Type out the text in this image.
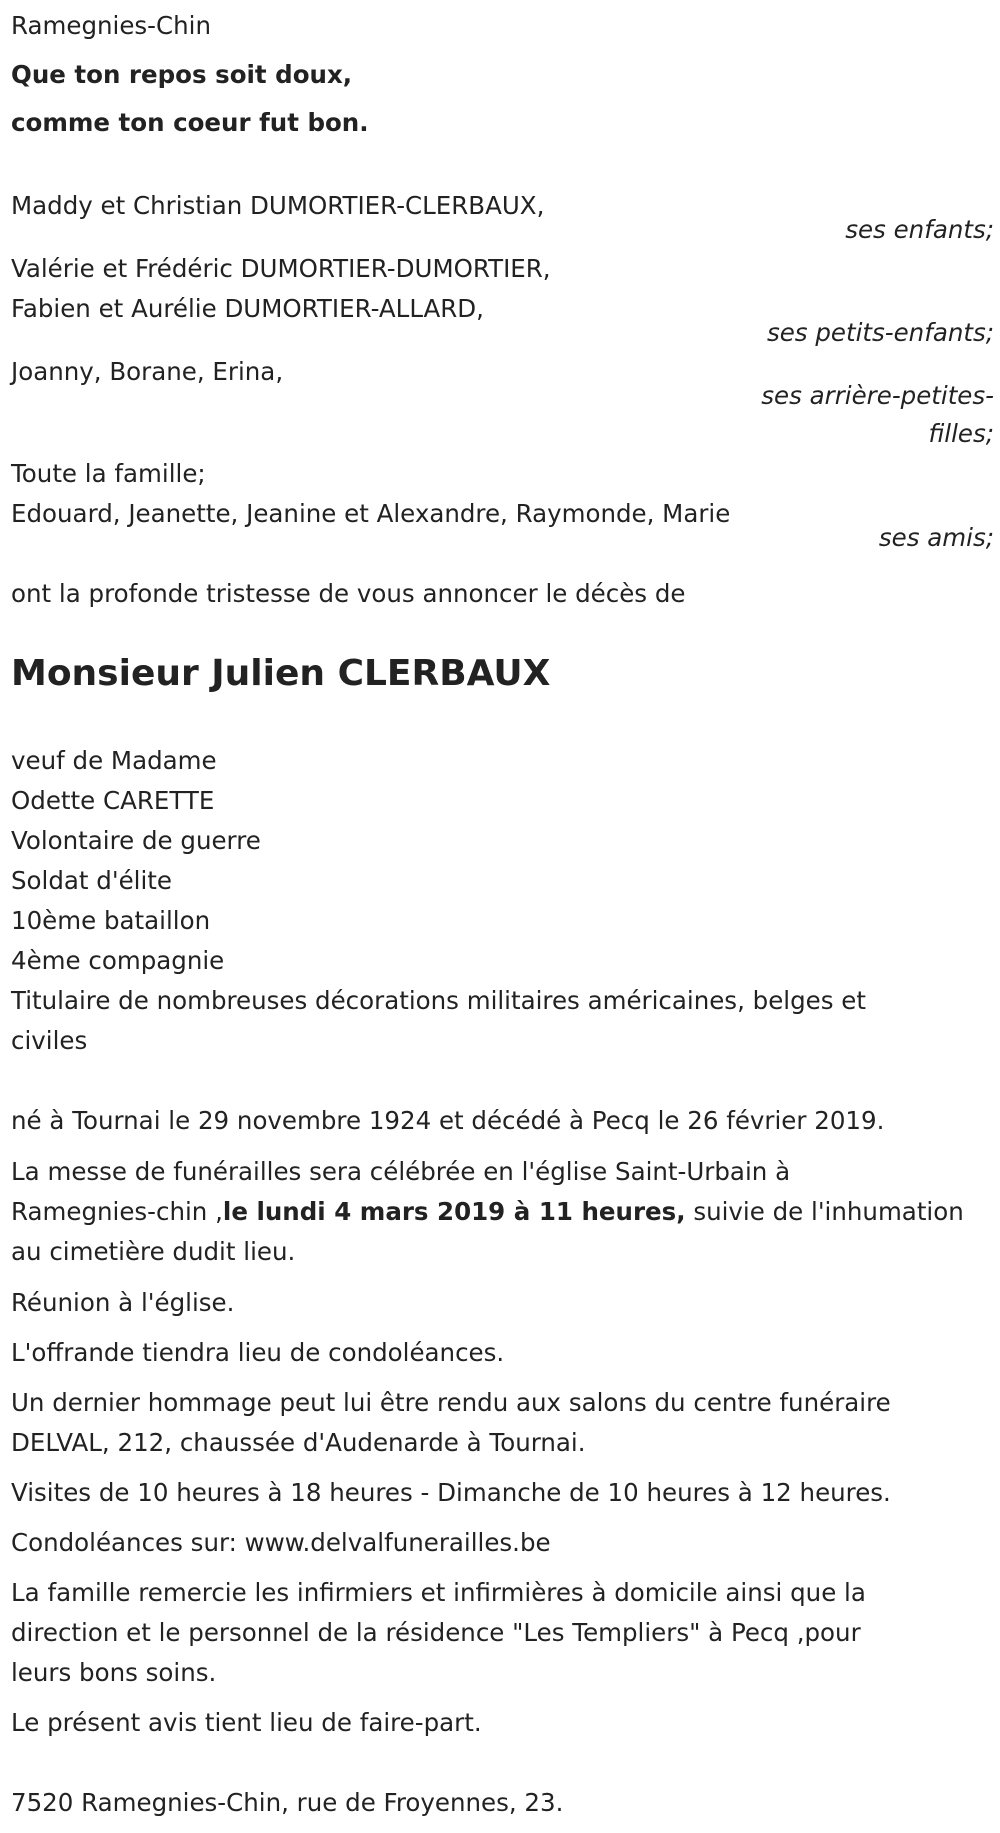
Ramegnies-Chin

Que ton repos soit doux,

comme ton coeur fut bon.

Maddy et Christian DUMORTIER-CLERBAUX,

ses enfants;

Valérie et Frédéric DUMORTIER-DUMORTIER,

Fabien et Aurélie DUMORTIER-ALLARD,

ses petits-enfants;

Joanny, Borane, Erina,

ses arrière-petites-

filles;

Toute la famille;

Edouard, Jeanette, Jeanine et Alexandre, Raymonde, Marie

ses amis;

ont la profonde tristesse de vous annoncer le décès de

Monsieur Julien CLERBAUX

veuf de Madame

Odette CARETTE

Volontaire de guerre

Soldat d'élite

10ème bataillon

4ème compagnie

Titulaire de nombreuses décorations militaires américaines, belges et

civiles

né à Tournai le 29 novembre 1924 et décédé à Pecq le 26 février 2019.

La messe de funérailles sera célébrée en l'église Saint-Urbain à

Ramegnies-chin ,le lundi 4 mars 2019 à 11 heures, suivie de l'inhumation

au cimetière dudit lieu.

Réunion à l'église.

L'offrande tiendra lieu de condoléances.

Un dernier hommage peut lui être rendu aux salons du centre funéraire

DELVAL, 212, chaussée d'Audenarde à Tournai.

Visites de 10 heures à 18 heures - Dimanche de 10 heures à 12 heures.

Condoléances sur: www.delvalfunerailles.be

La famille remercie les infirmiers et infirmières à domicile ainsi que la

direction et le personnel de la résidence "Les Templiers" à Pecq ,pour

leurs bons soins.

Le présent avis tient lieu de faire-part.

7520 Ramegnies-Chin, rue de Froyennes, 23.
